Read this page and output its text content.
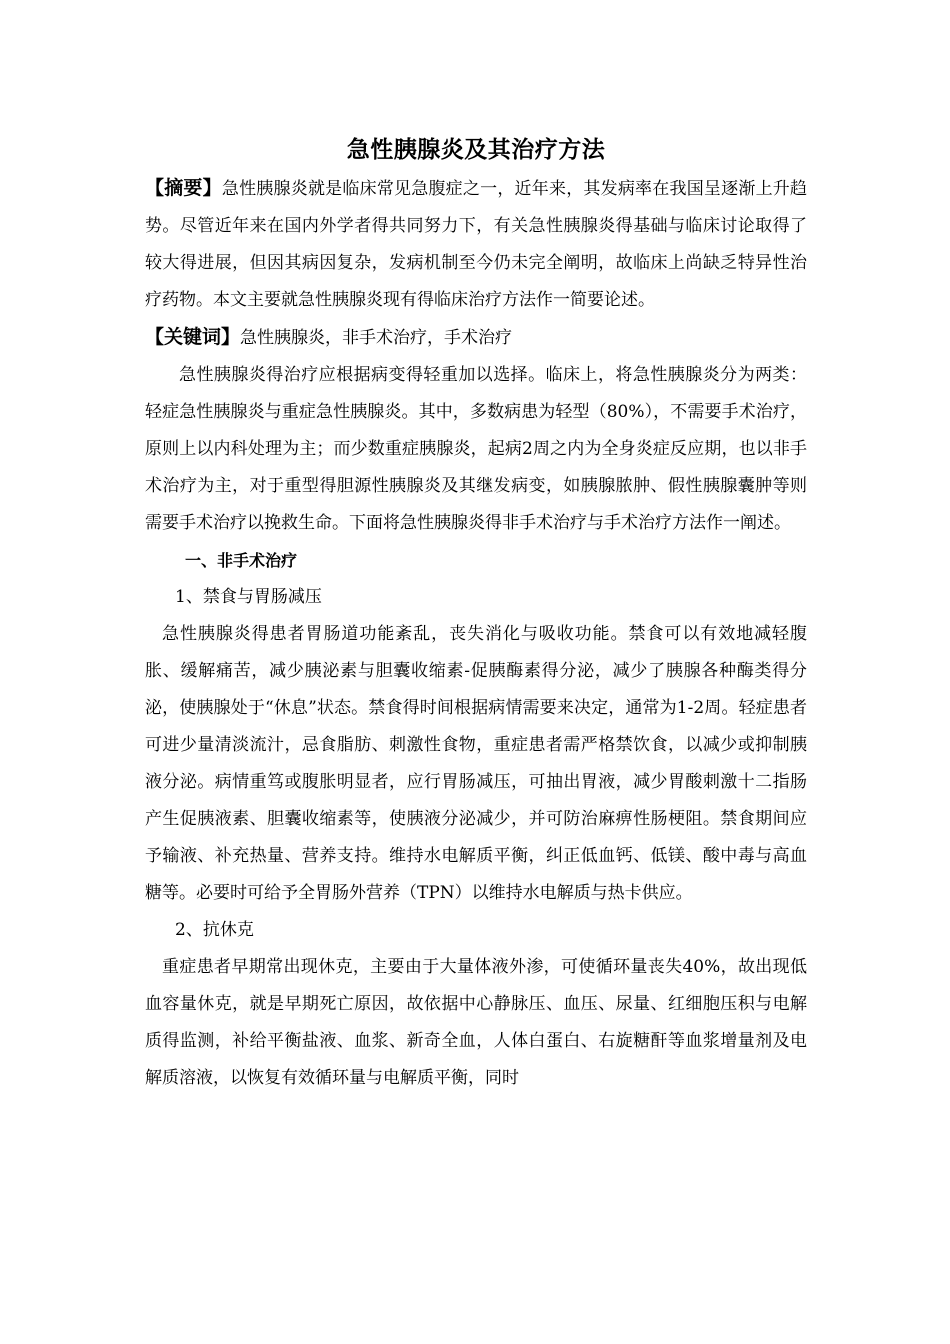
急性胰腺炎及其治疗方法

【摘要】急性胰腺炎就是临床常见急腹症之一，近年来，其发病率在我国呈逐渐上升趋势。尽管近年来在国内外学者得共同努力下，有关急性胰腺炎得基础与临床讨论取得了较大得进展，但因其病因复杂，发病机制至今仍未完全阐明，故临床上尚缺乏特异性治疗药物。本文主要就急性胰腺炎现有得临床治疗方法作一简要论述。

【关键词】急性胰腺炎，非手术治疗，手术治疗

急性胰腺炎得治疗应根据病变得轻重加以选择。临床上，将急性胰腺炎分为两类：轻症急性胰腺炎与重症急性胰腺炎。其中，多数病患为轻型（80%），不需要手术治疗，原则上以内科处理为主；而少数重症胰腺炎，起病2周之内为全身炎症反应期，也以非手术治疗为主，对于重型得胆源性胰腺炎及其继发病变，如胰腺脓肿、假性胰腺囊肿等则需要手术治疗以挽救生命。下面将急性胰腺炎得非手术治疗与手术治疗方法作一阐述。

一、非手术治疗
1、禁食与胃肠减压

急性胰腺炎得患者胃肠道功能紊乱，丧失消化与吸收功能。禁食可以有效地减轻腹胀、缓解痛苦，减少胰泌素与胆囊收缩素-促胰酶素得分泌，减少了胰腺各种酶类得分泌，使胰腺处于“休息”状态。禁食得时间根据病情需要来决定，通常为1-2周。轻症患者可进少量清淡流汁，忌食脂肪、刺激性食物，重症患者需严格禁饮食，以减少或抑制胰液分泌。病情重笃或腹胀明显者，应行胃肠减压，可抽出胃液，减少胃酸刺激十二指肠产生促胰液素、胆囊收缩素等，使胰液分泌减少，并可防治麻痹性肠梗阻。禁食期间应予输液、补充热量、营养支持。维持水电解质平衡，纠正低血钙、低镁、酸中毒与高血糖等。必要时可给予全胃肠外营养（TPN）以维持水电解质与热卡供应。

2、抗休克

重症患者早期常出现休克，主要由于大量体液外渗，可使循环量丧失40%，故出现低血容量休克，就是早期死亡原因，故依据中心静脉压、血压、尿量、红细胞压积与电解质得监测，补给平衡盐液、血浆、新奇全血，人体白蛋白、右旋糖酐等血浆增量剂及电解质溶液，以恢复有效循环量与电解质平衡，同时
